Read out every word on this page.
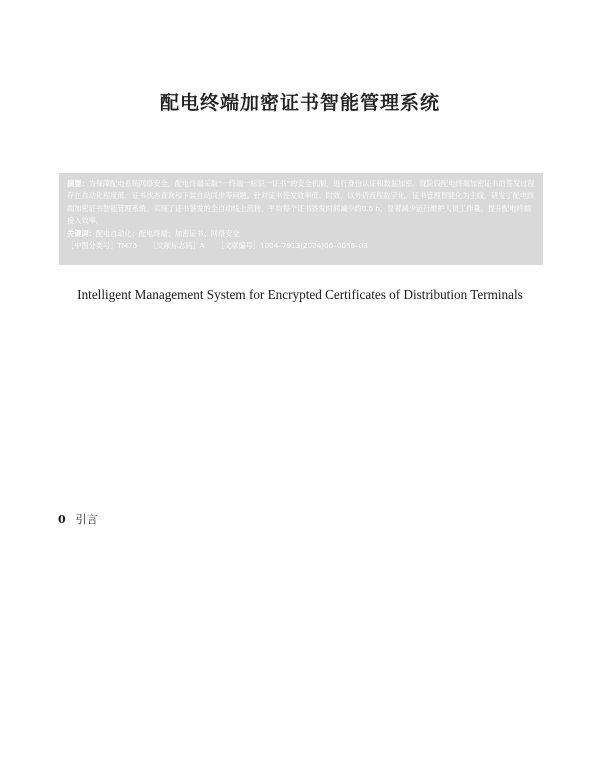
配电终端加密证书智能管理系统
摘要：为保障配电系统网络安全，配电终端采取“一终端一标识一证书”的安全机制，进行身份认证和数据加密。现阶段配电终端加密证书的签发过程存在自动化程度低、证书状态查询和下装自动同步等问题。针对证书签发效率低、时效，以外借流程数字化、证书管理智能化为主线，研发了配电终端加密证书智能管理系统。实现了证书签发的全自动线上流转，平均每个证书签发时间减少约0.6 h，显著减少运行维护人员工作量，提升配电终端接入效率。
关键词：配电自动化；配电终端；加密证书；网络安全
［中图分类号］TM76 ［文献标志码］A ［文章编号］1004–7913(2024)06–0056–03
Intelligent Management System for Encrypted Certificates of Distribution Terminals
0 引言
